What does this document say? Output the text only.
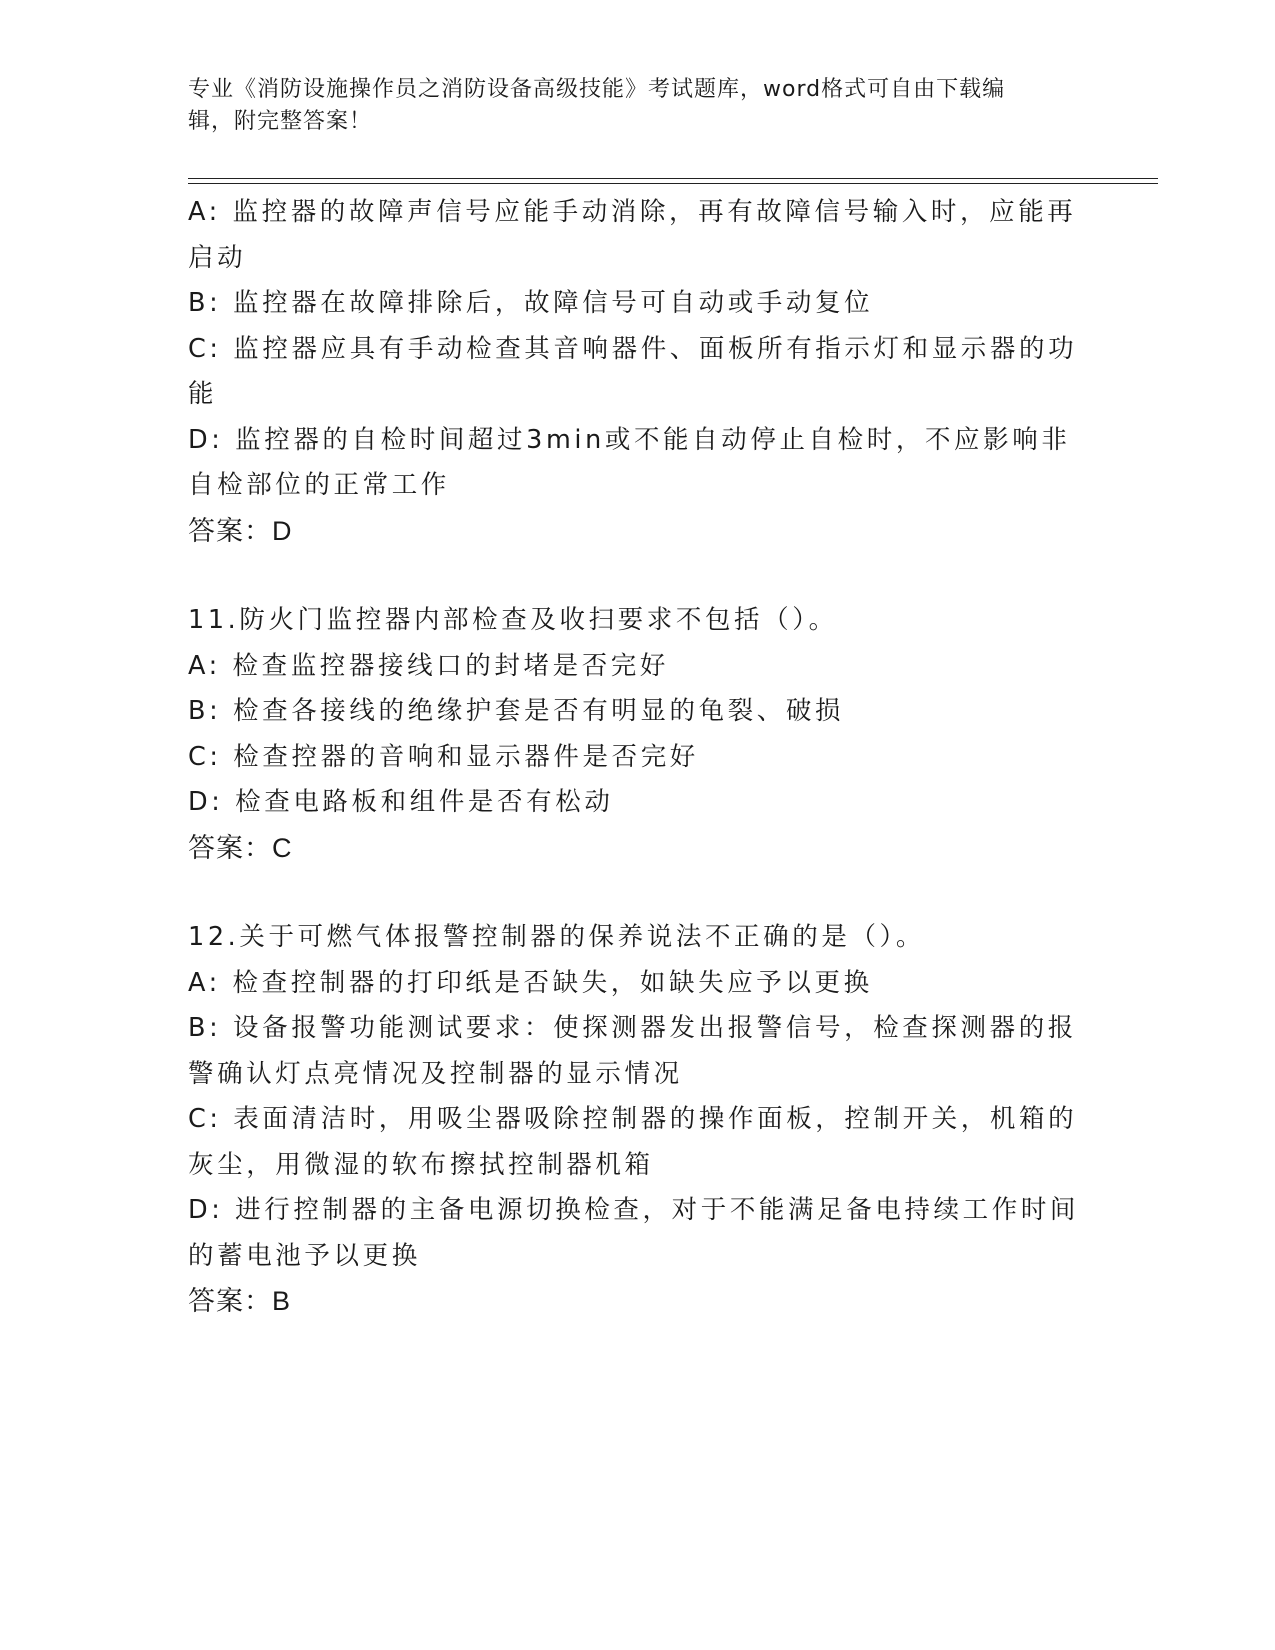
专业《消防设施操作员之消防设备高级技能》考试题库，word格式可自由下载编
辑，附完整答案！
A: 监控器的故障声信号应能手动消除，再有故障信号输入时，应能再
启动
B: 监控器在故障排除后，故障信号可自动或手动复位
C: 监控器应具有手动检查其音响器件、面板所有指示灯和显示器的功
能
D: 监控器的自检时间超过3min或不能自动停止自检时，不应影响非
自检部位的正常工作
答案：D
11.防火门监控器内部检查及收扫要求不包括（）。
A: 检查监控器接线口的封堵是否完好
B: 检查各接线的绝缘护套是否有明显的龟裂、破损
C: 检查控器的音响和显示器件是否完好
D: 检查电路板和组件是否有松动
答案：C
12.关于可燃气体报警控制器的保养说法不正确的是（）。
A: 检查控制器的打印纸是否缺失，如缺失应予以更换
B: 设备报警功能测试要求：使探测器发出报警信号，检查探测器的报
警确认灯点亮情况及控制器的显示情况
C: 表面清洁时，用吸尘器吸除控制器的操作面板，控制开关，机箱的
灰尘，用微湿的软布擦拭控制器机箱
D: 进行控制器的主备电源切换检查，对于不能满足备电持续工作时间
的蓄电池予以更换
答案：B
